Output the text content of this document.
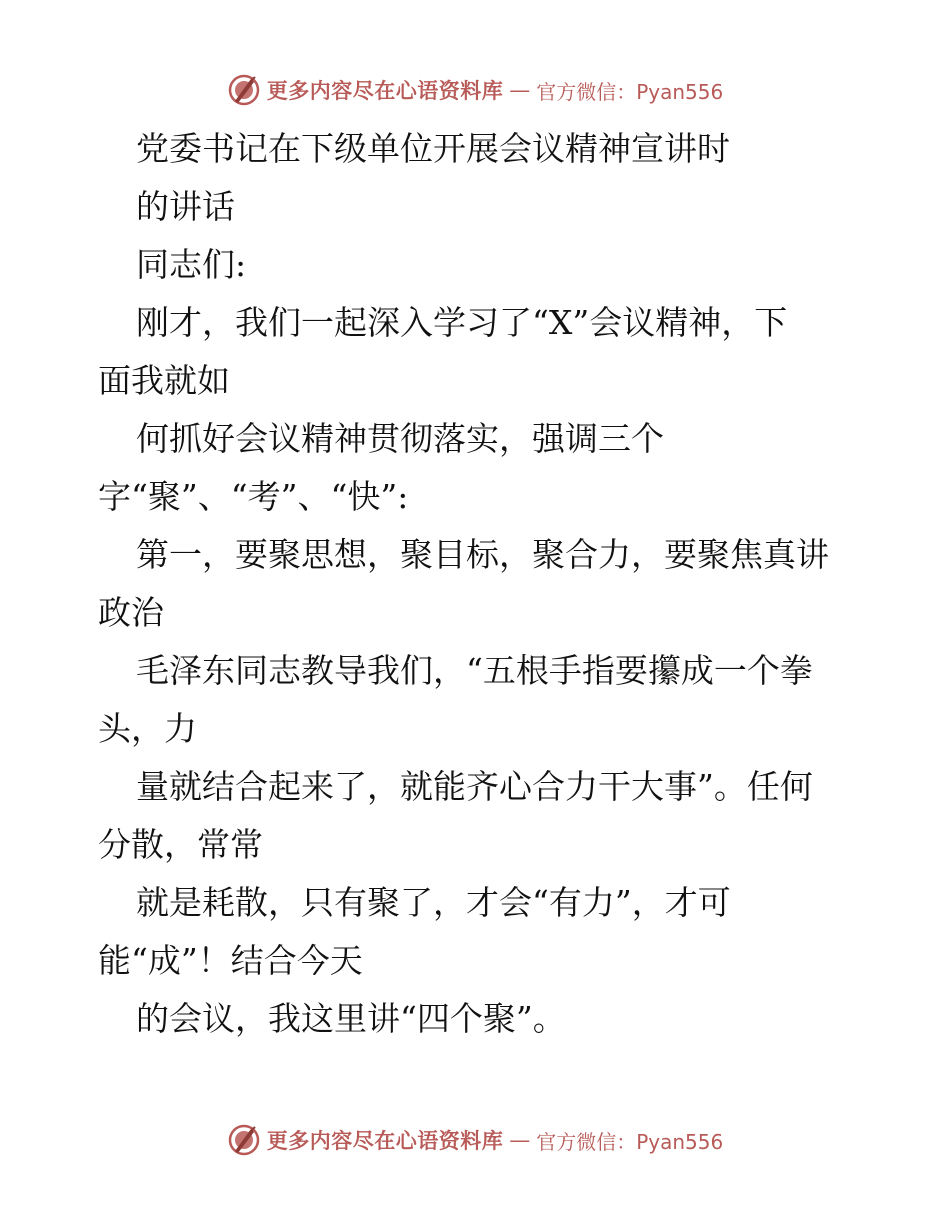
更多内容尽在心语资料库 — 官方微信：Pyan556
党委书记在下级单位开展会议精神宣讲时
的讲话
同志们:
刚才，我们一起深入学习了“X”会议精神，下
面我就如
何抓好会议精神贯彻落实，强调三个
字“聚”、“考”、“快”:
第一，要聚思想，聚目标，聚合力，要聚焦真讲
政治
毛泽东同志教导我们，“五根手指要攥成一个拳
头，力
量就结合起来了，就能齐心合力干大事”。任何
分散，常常
就是耗散，只有聚了，才会“有力”，才可
能“成”！结合今天
的会议，我这里讲“四个聚”。
更多内容尽在心语资料库 — 官方微信：Pyan556
